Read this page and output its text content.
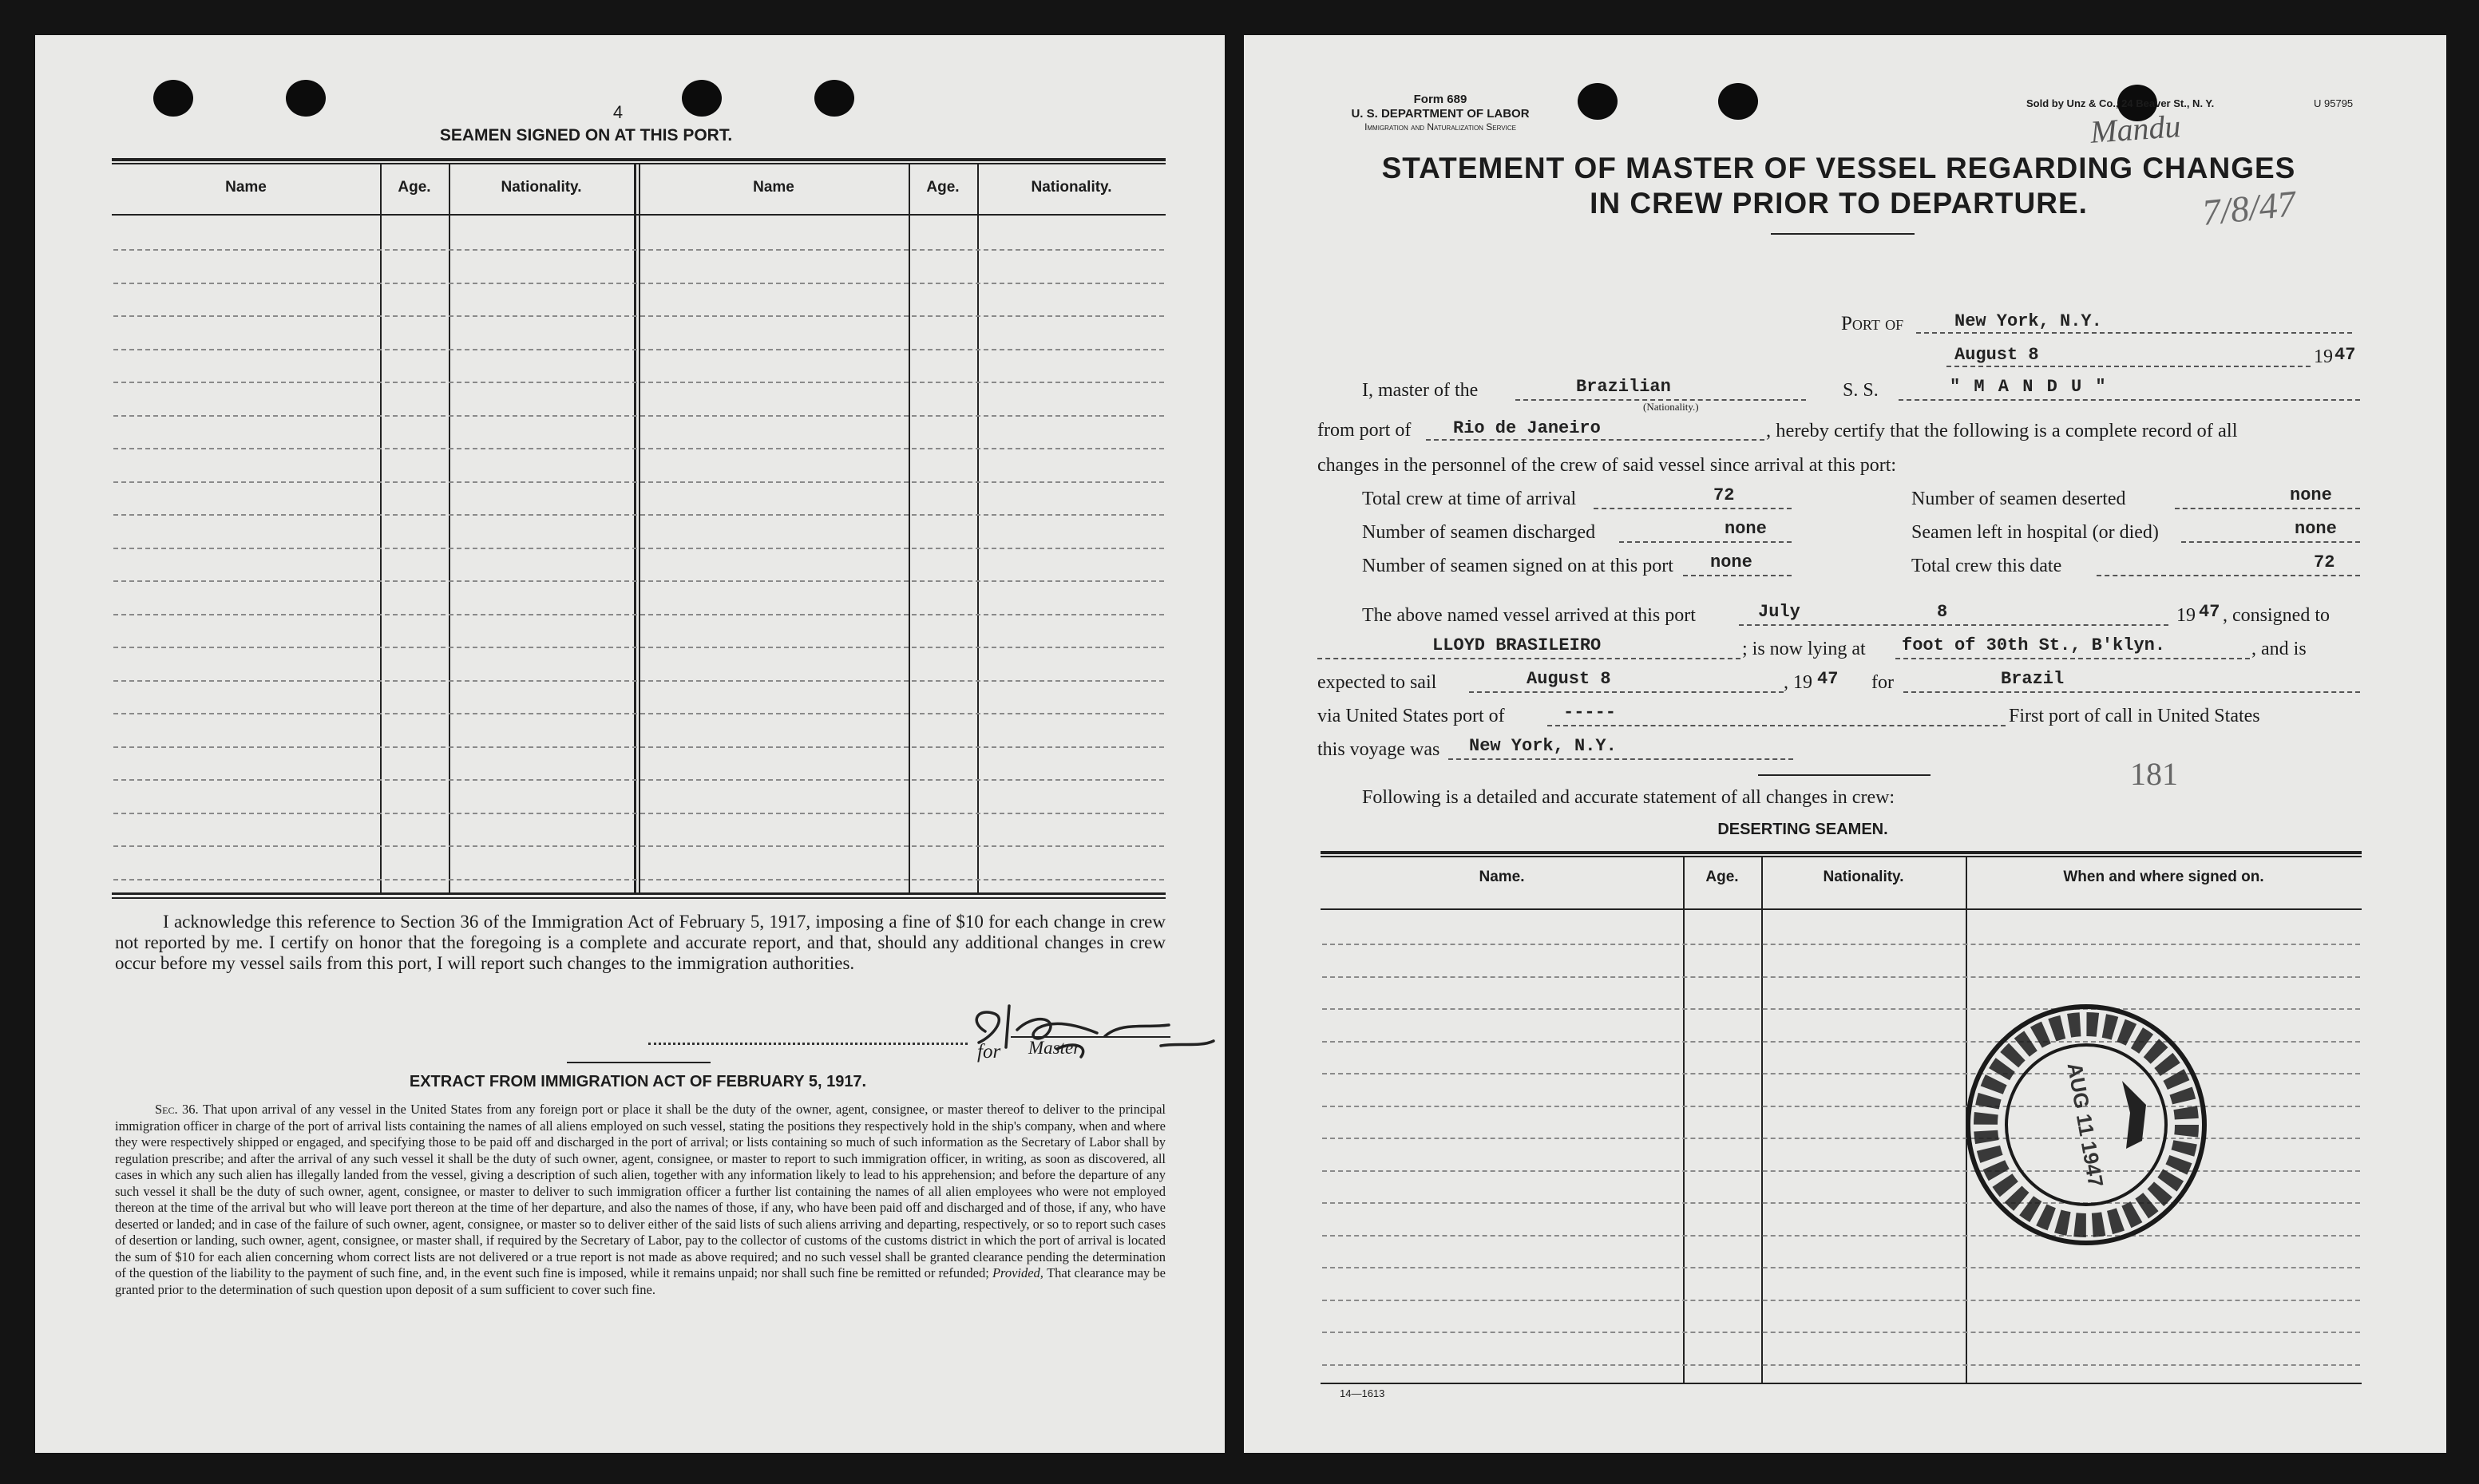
4
SEAMEN SIGNED ON AT THIS PORT.
Name	Age.	Nationality.	Name	Age.	Nationality.
I acknowledge this reference to Section 36 of the Immigration Act of February 5, 1917, imposing a fine of $10 for each change in crew not reported by me. I certify on honor that the foregoing is a complete and accurate report, and that, should any additional changes in crew occur before my vessel sails from this port, I will report such changes to the immigration authorities.
for Master
EXTRACT FROM IMMIGRATION ACT OF FEBRUARY 5, 1917.

Sec. 36. That upon arrival of any vessel in the United States from any foreign port or place it shall be the duty of the owner, agent, consignee, or master thereof to deliver to the principal immigration officer in charge of the port of arrival lists containing the names of all aliens employed on such vessel, stating the positions they respectively hold in the ship's company, when and where they were respectively shipped or engaged, and specifying those to be paid off and discharged in the port of arrival; or lists containing so much of such information as the Secretary of Labor shall by regulation prescribe; and after the arrival of any such vessel it shall be the duty of such owner, agent, consignee, or master to report to such immigration officer, in writing, as soon as discovered, all cases in which any such alien has illegally landed from the vessel, giving a description of such alien, together with any information likely to lead to his apprehension; and before the departure of any such vessel it shall be the duty of such owner, agent, consignee, or master to deliver to such immigration officer a further list containing the names of all alien employees who were not employed thereon at the time of the arrival but who will leave port thereon at the time of her departure, and also the names of those, if any, who have been paid off and discharged and of those, if any, who have deserted or landed; and in case of the failure of such owner, agent, consignee, or master so to deliver either of the said lists of such aliens arriving and departing, respectively, or so to report such cases of desertion or landing, such owner, agent, consignee, or master shall, if required by the Secretary of Labor, pay to the collector of customs of the customs district in which the port of arrival is located the sum of $10 for each alien concerning whom correct lists are not delivered or a true report is not made as above required; and no such vessel shall be granted clearance pending the determination of the question of the liability to the payment of such fine, and, in the event such fine is imposed, while it remains unpaid; nor shall such fine be remitted or refunded; Provided, That clearance may be granted prior to the determination of such question upon deposit of a sum sufficient to cover such fine.

Form 689
U. S. DEPARTMENT OF LABOR
Immigration and Naturalization Service
Sold by Unz & Co., 24 Beaver St., N. Y.	U 95795
Mandu
7/8/47
STATEMENT OF MASTER OF VESSEL REGARDING CHANGES
IN CREW PRIOR TO DEPARTURE.
Port of	New York, N.Y.
August 8	19 47
I, master of the	Brazilian
(Nationality.)
S. S.	" M A N D U "
from port of Rio de Janeiro	, hereby certify that the following is a complete record of all
changes in the personnel of the crew of said vessel since arrival at this port:
Total crew at time of arrival	72	Number of seamen deserted	none
Number of seamen discharged	none	Seamen left in hospital (or died)	none
Number of seamen signed on at this port none	Total crew this date	72
The above named vessel arrived at this port	July	8	19 47 , consigned to
LLOYD BRASILEIRO	; is now lying at foot of 30th St., B'klyn.	, and is
expected to sail	August 8	, 19 47 for	Brazil
via United States port of	-----	First port of call in United States
this voyage was New York, N.Y.
181
Following is a detailed and accurate statement of all changes in crew:
DESERTING SEAMEN.
Name.	Age.	Nationality.	When and where signed on.
AUG 11 1947
14—1613
